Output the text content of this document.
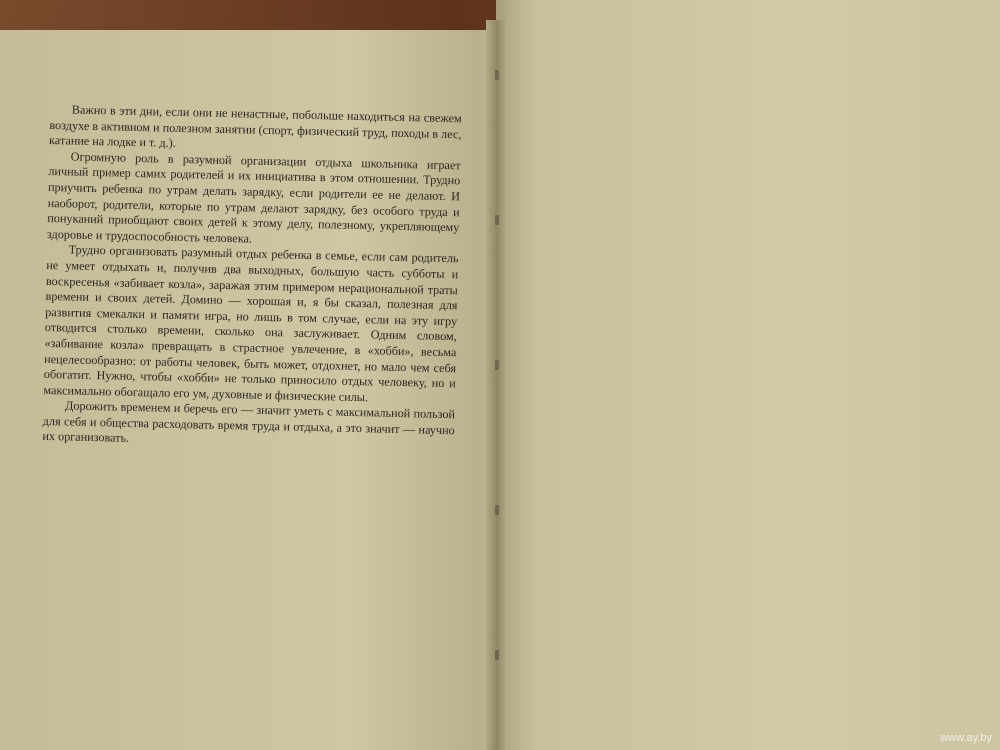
Важно в эти дни, если они не ненастные, побольше находиться на свежем воздухе в активном и полезном занятии (спорт, физический труд, походы в лес, катание на лодке и т. д.).

Огромную роль в разумной организации отдыха школьника играет личный пример самих родителей и их инициатива в этом отношении. Трудно приучить ребенка по утрам делать зарядку, если родители ее не делают. И наоборот, родители, которые по утрам делают зарядку, без особого труда и понуканий приобщают своих детей к этому делу, полезному, укрепляющему здоровье и трудоспособность человека.

Трудно организовать разумный отдых ребенка в семье, если сам родитель не умеет отдыхать и, получив два выходных, большую часть субботы и воскресенья «забивает козла», заражая этим примером нерациональной траты времени и своих детей. Домино — хорошая и, я бы сказал, полезная для развития смекалки и памяти игра, но лишь в том случае, если на эту игру отводится столько времени, сколько она заслуживает. Одним словом, «забивание козла» превращать в страстное увлечение, в «хобби», весьма нецелесообразно: от работы человек, быть может, отдохнет, но мало чем себя обогатит. Нужно, чтобы «хобби» не только приносило отдых человеку, но и максимально обогащало его ум, духовные и физические силы.

Дорожить временем и беречь его — значит уметь с максимальной пользой для себя и общества расходовать время труда и отдыха, а это значит — научно их организовать.

www.ay.by
